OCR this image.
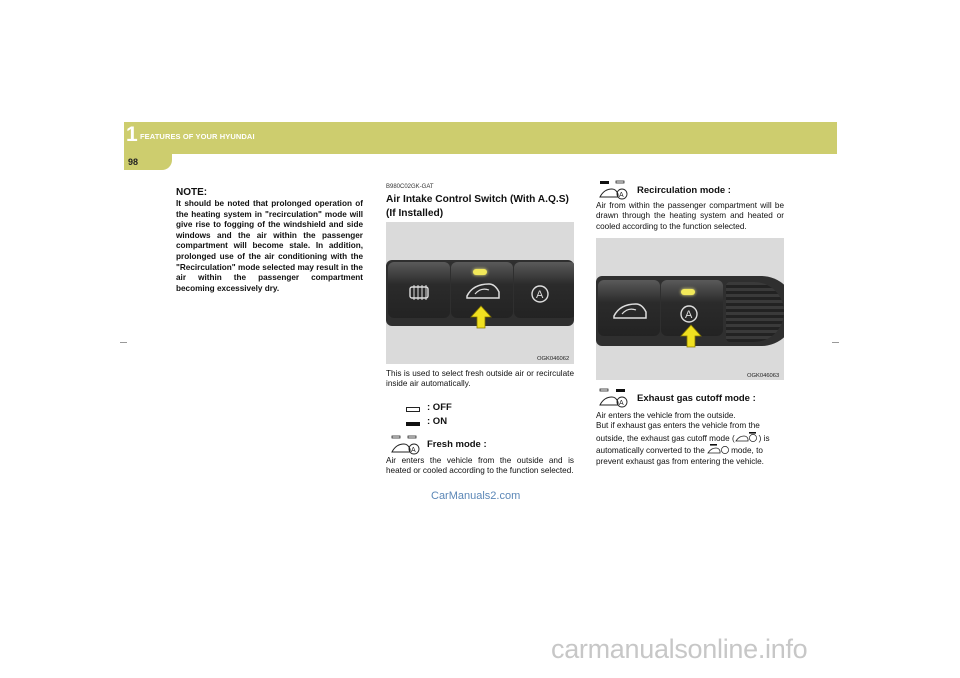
1 FEATURES OF YOUR HYUNDAI
98
NOTE:
It should be noted that prolonged operation of the heating system in "recirculation" mode will give rise to fogging of the windshield and side windows and the air within the passenger compartment will become stale. In addition, prolonged use of the air conditioning with the "Recirculation" mode selected may result in the air within the passenger compartment becoming excessively dry.
B980C02GK-GAT
Air Intake Control Switch (With A.Q.S)
(If Installed)
A
OGK046062
This is used to select fresh outside air or recirculate inside air automatically.
: OFF
: ON
A
Fresh mode :
Air enters the vehicle from the outside and is heated or cooled according to the function selected.
A Recirculation mode :
Air from within the passenger compartment will be drawn through the heating system and heated or cooled according to the function selected.
A
OGK046063
A Exhaust gas cutoff mode :
Air enters the vehicle from the outside.
But if exhaust gas enters the vehicle from the
outside, the exhaust gas cutoff mode (	) is
automatically converted to the	mode, to
prevent exhaust gas from entering the vehicle.
CarManuals2.com
carmanualsonline.info
